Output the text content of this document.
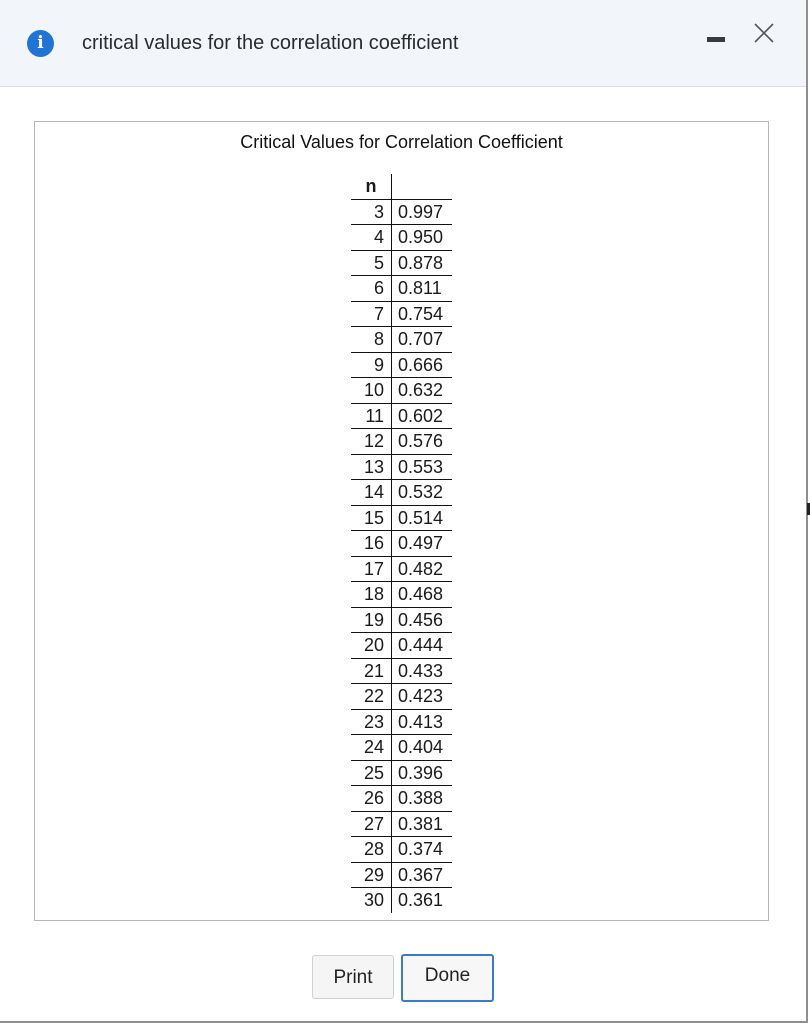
i	critical values for the correlation coefficient
Critical Values for Correlation Coefficient
n	
3	0.997
4	0.950
5	0.878
6	0.811
7	0.754
8	0.707
9	0.666
10	0.632
11	0.602
12	0.576
13	0.553
14	0.532
15	0.514
16	0.497
17	0.482
18	0.468
19	0.456
20	0.444
21	0.433
22	0.423
23	0.413
24	0.404
25	0.396
26	0.388
27	0.381
28	0.374
29	0.367
30	0.361
Print	Done
